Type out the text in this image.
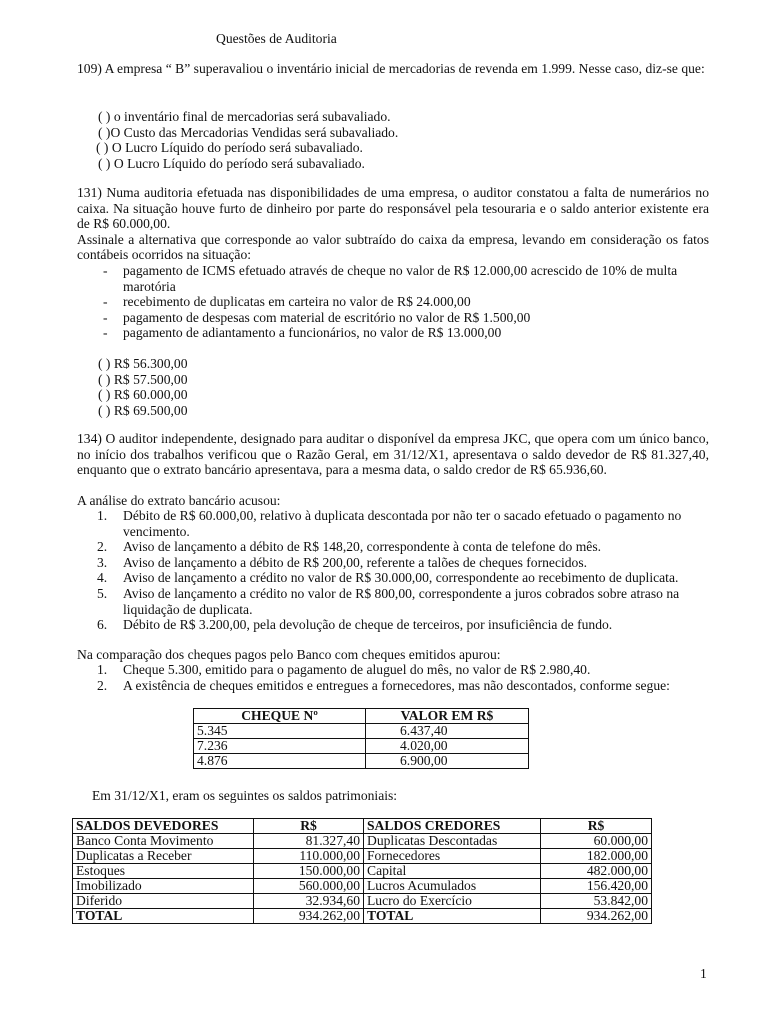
Questões de Auditoria
109) A empresa “ B” superavaliou o inventário inicial de mercadorias de revenda em 1.999. Nesse caso, diz-se que:
( ) o inventário final de mercadorias será subavaliado.
( )O Custo das Mercadorias Vendidas será subavaliado.
( ) O Lucro Líquido do período será subavaliado.
( ) O Lucro Líquido do período será subavaliado.
131) Numa auditoria efetuada nas disponibilidades de uma empresa, o auditor constatou a falta de numerários no caixa. Na situação houve furto de dinheiro por parte do responsável pela tesouraria e o saldo anterior existente era de R$ 60.000,00.
Assinale a alternativa que corresponde ao valor subtraído do caixa da empresa, levando em consideração os fatos contábeis ocorridos na situação:
- pagamento de ICMS efetuado através de cheque no valor de R$ 12.000,00 acrescido de 10% de multa marotória
- recebimento de duplicatas em carteira no valor de R$ 24.000,00
- pagamento de despesas com material de escritório no valor de R$ 1.500,00
- pagamento de adiantamento a funcionários, no valor de R$ 13.000,00
( ) R$ 56.300,00
( ) R$ 57.500,00
( ) R$ 60.000,00
( ) R$ 69.500,00
134) O auditor independente, designado para auditar o disponível da empresa JKC, que opera com um único banco, no início dos trabalhos verificou que o Razão Geral, em 31/12/X1, apresentava o saldo devedor de R$ 81.327,40, enquanto que o extrato bancário apresentava, para a mesma data, o saldo credor de R$ 65.936,60.
A análise do extrato bancário acusou:
1. Débito de R$ 60.000,00, relativo à duplicata descontada por não ter o sacado efetuado o pagamento no vencimento.
2. Aviso de lançamento a débito de R$ 148,20, correspondente à conta de telefone do mês.
3. Aviso de lançamento a débito de R$ 200,00, referente a talões de cheques fornecidos.
4. Aviso de lançamento a crédito no valor de R$ 30.000,00, correspondente ao recebimento de duplicata.
5. Aviso de lançamento a crédito no valor de R$ 800,00, correspondente a juros cobrados sobre atraso na liquidação de duplicata.
6. Débito de R$ 3.200,00, pela devolução de cheque de terceiros, por insuficiência de fundo.
Na comparação dos cheques pagos pelo Banco com cheques emitidos apurou:
1. Cheque 5.300, emitido para o pagamento de aluguel do mês, no valor de R$ 2.980,40.
2. A existência de cheques emitidos e entregues a fornecedores, mas não descontados, conforme segue:
CHEQUE Nº	VALOR EM R$
5.345	6.437,40
7.236	4.020,00
4.876	6.900,00
Em 31/12/X1, eram os seguintes os saldos patrimoniais:
SALDOS DEVEDORES	R$	SALDOS CREDORES	R$
Banco Conta Movimento	81.327,40	Duplicatas Descontadas	60.000,00
Duplicatas a Receber	110.000,00	Fornecedores	182.000,00
Estoques	150.000,00	Capital	482.000,00
Imobilizado	560.000,00	Lucros Acumulados	156.420,00
Diferido	32.934,60	Lucro do Exercício	53.842,00
TOTAL	934.262,00	TOTAL	934.262,00
1
